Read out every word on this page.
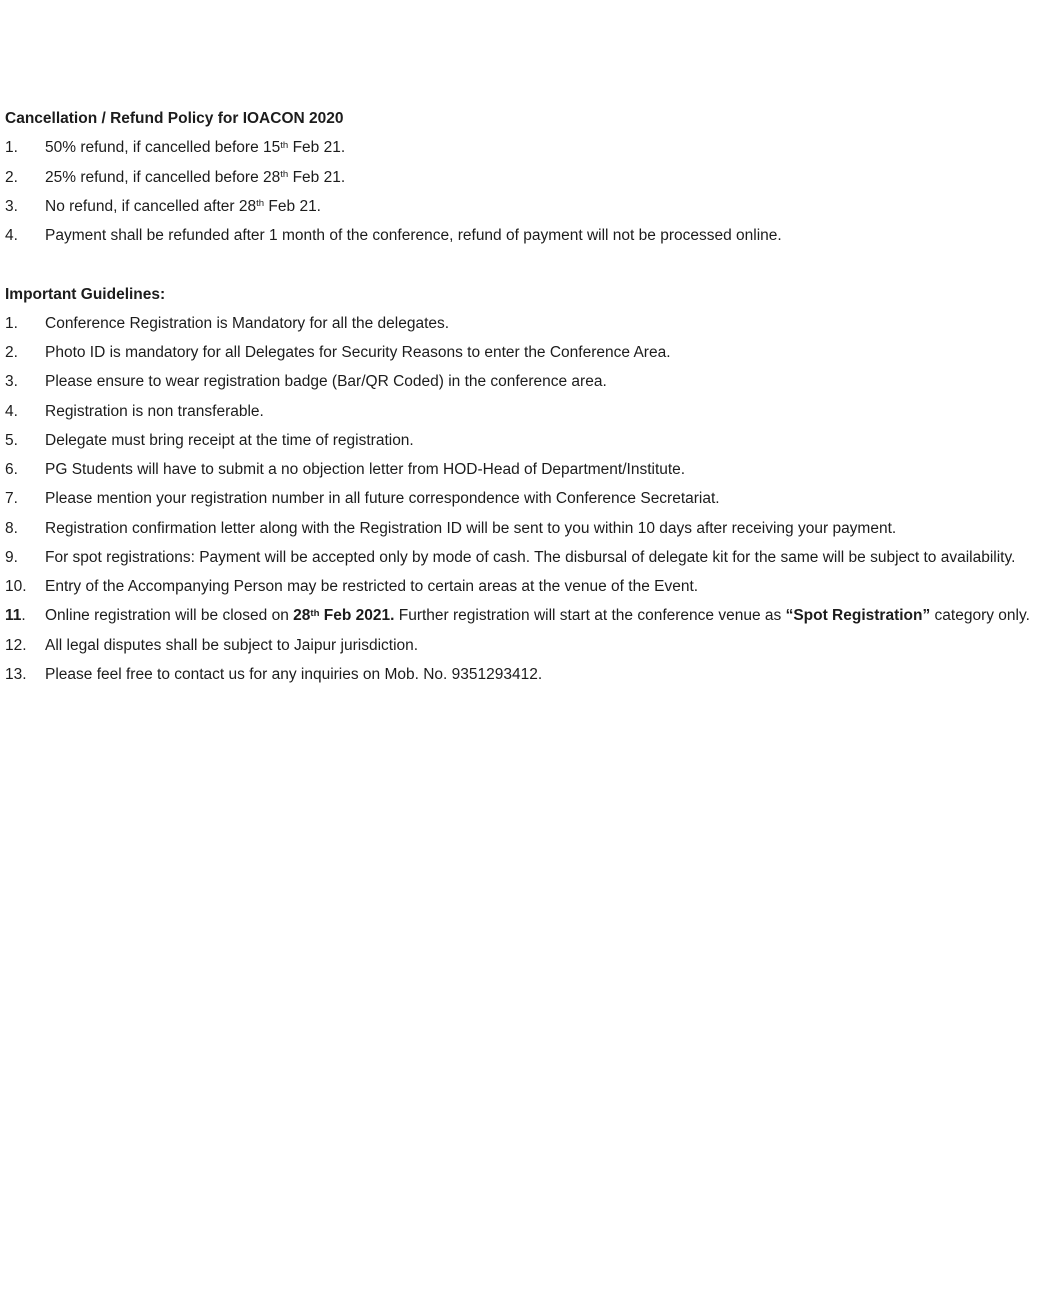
Cancellation / Refund Policy for IOACON 2020
1.	50% refund, if cancelled before 15th Feb 21.
2.	25% refund, if cancelled before 28th Feb 21.
3.	No refund, if cancelled after 28th Feb 21.
4.	Payment shall be refunded after 1 month of the conference, refund of payment will not be processed online.
Important Guidelines:
1.	Conference Registration is Mandatory for all the delegates.
2.	Photo ID is mandatory for all Delegates for Security Reasons to enter the Conference Area.
3.	Please ensure to wear registration badge (Bar/QR Coded) in the conference area.
4.	Registration is non transferable.
5.	Delegate must bring receipt at the time of registration.
6.	PG Students will have to submit a no objection letter from HOD-Head of Department/Institute.
7.	Please mention your registration number in all future correspondence with Conference Secretariat.
8.	Registration confirmation letter along with the Registration ID will be sent to you within 10 days after receiving your payment.
9.	For spot registrations: Payment will be accepted only by mode of cash. The disbursal of delegate kit for the same will be subject to availability.
10.	Entry of the Accompanying Person may be restricted to certain areas at the venue of the Event.
11.	Online registration will be closed on 28th Feb 2021. Further registration will start at the conference venue as “Spot Registration” category only.
12.	All legal disputes shall be subject to Jaipur jurisdiction.
13.	Please feel free to contact us for any inquiries on Mob. No. 9351293412.
